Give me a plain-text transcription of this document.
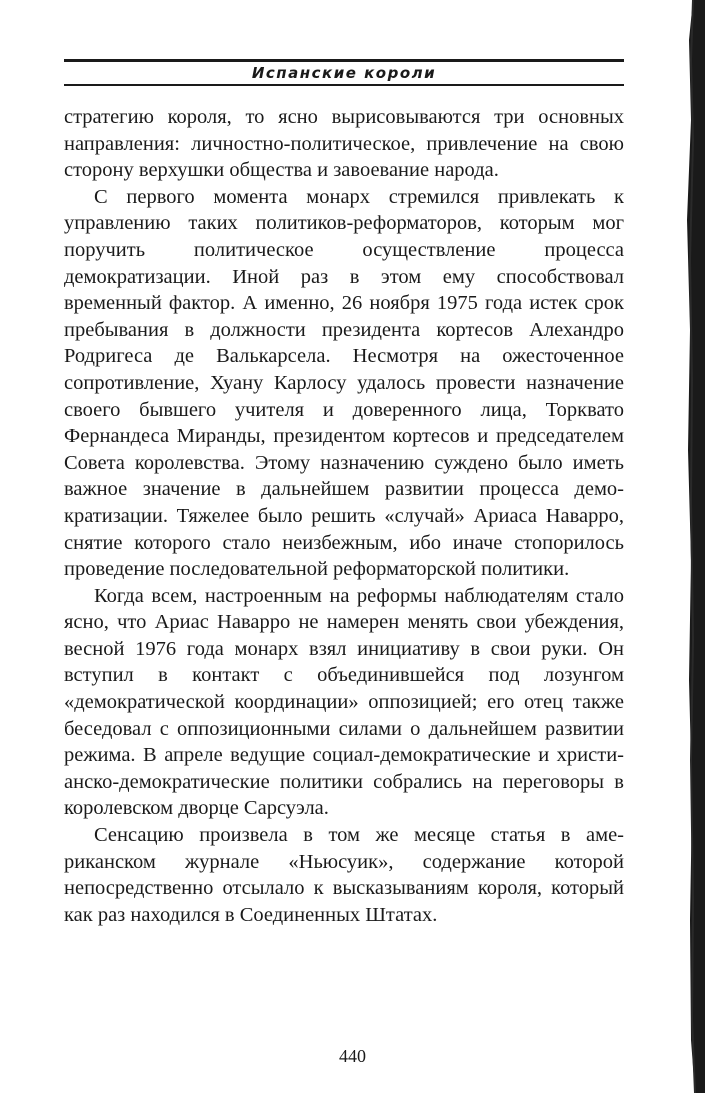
Испанские короли

стратегию короля, то ясно вырисовываются три основных направления: личностно-политическое, привлечение на свою сторону верхушки общества и завоевание народа.

С первого момента монарх стремился привлекать к управлению таких политиков-реформаторов, которым мог поручить политическое осуществление процесса демократизации. Иной раз в этом ему способствовал временный фактор. А именно, 26 ноября 1975 года истек срок пребывания в должности президента кортесов Алехандро Родригеса де Валькарсела. Несмотря на ожесточенное сопротивление, Хуану Карлосу удалось провести назначение своего бывшего учителя и доверенного лица, Торквато Фернандеса Миранды, президентом кортесов и председателем Совета королевства. Этому назначению суждено было иметь важное значение в дальнейшем развитии процесса демократизации. Тяжелее было решить «случай» Ариаса Наварро, снятие которого стало неизбежным, ибо иначе стопорилось проведение последовательной реформаторской политики.

Когда всем, настроенным на реформы наблюдателям стало ясно, что Ариас Наварро не намерен менять свои убеждения, весной 1976 года монарх взял инициативу в свои руки. Он вступил в контакт с объединившейся под лозунгом «демократической координации» оппозицией; его отец также беседовал с оппозиционными силами о дальнейшем развитии режима. В апреле ведущие социал-демократические и христианско-демократические политики собрались на переговоры в королевском дворце Сарсуэла.

Сенсацию произвела в том же месяце статья в американском журнале «Ньюсуик», содержание которой непосредственно отсылало к высказываниям короля, который как раз находился в Соединенных Штатах.

440
